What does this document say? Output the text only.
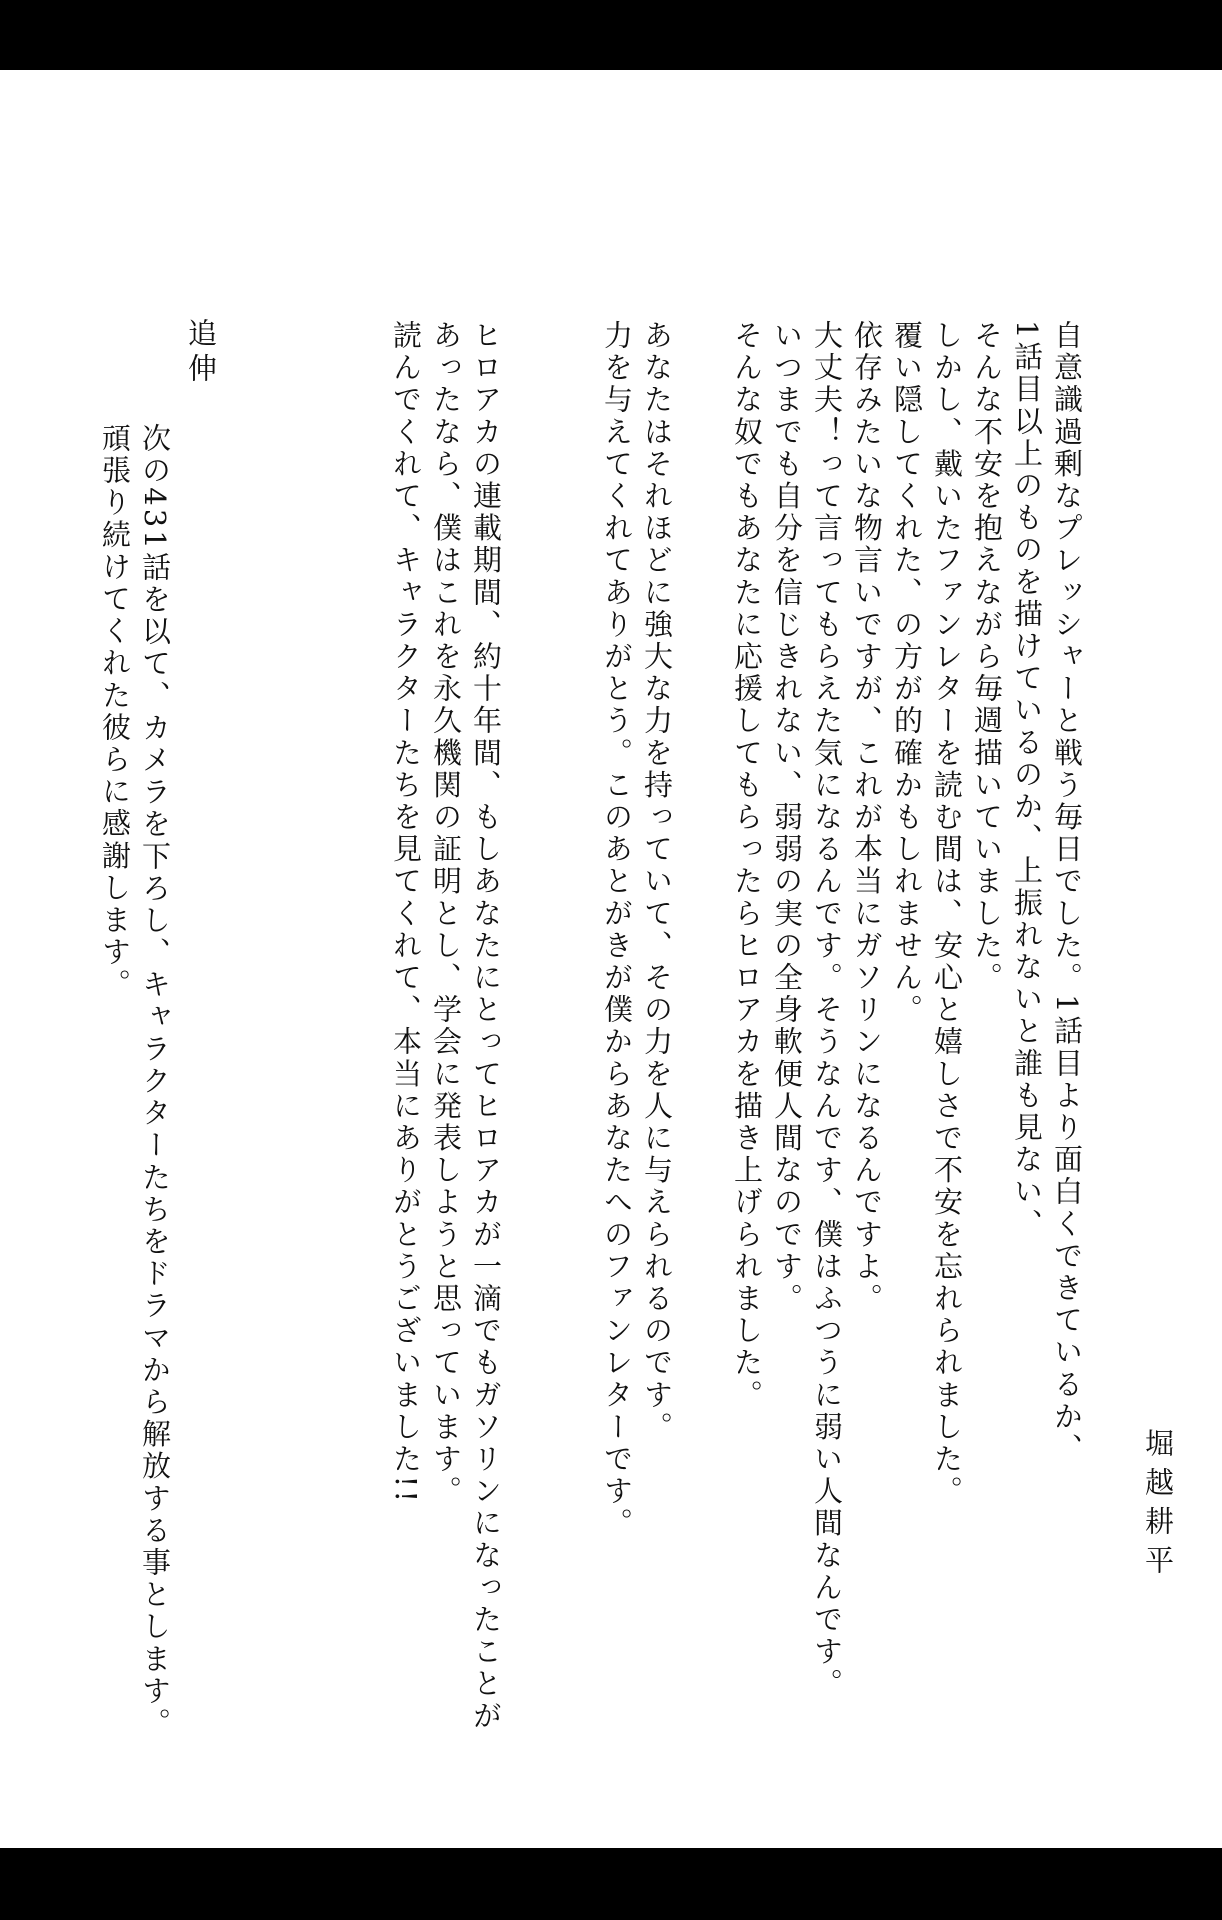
自意識過剰なプレッシャーと戦う毎日でした。1話目より面白くできているか、

1話目以上のものを描けているのか、上振れないと誰も見ない、

そんな不安を抱えながら毎週描いていました。

しかし、戴いたファンレターを読む間は、安心と嬉しさで不安を忘れられました。

覆い隠してくれた、の方が的確かもしれません。

依存みたいな物言いですが、これが本当にガソリンになるんですよ。

大丈夫！って言ってもらえた気になるんです。そうなんです、僕はふつうに弱い人間なんです。

いつまでも自分を信じきれない、弱弱の実の全身軟便人間なのです。

そんな奴でもあなたに応援してもらったらヒロアカを描き上げられました。

あなたはそれほどに強大な力を持っていて、その力を人に与えられるのです。

力を与えてくれてありがとう。このあとがきが僕からあなたへのファンレターです。

ヒロアカの連載期間、約十年間、もしあなたにとってヒロアカが一滴でもガソリンになったことが

あったなら、僕はこれを永久機関の証明とし、学会に発表しようと思っています。

読んでくれて、キャラクターたちを見てくれて、本当にありがとうございました!!

堀越耕平

追伸

次の431話を以て、カメラを下ろし、キャラクターたちをドラマから解放する事とします。

頑張り続けてくれた彼らに感謝します。
